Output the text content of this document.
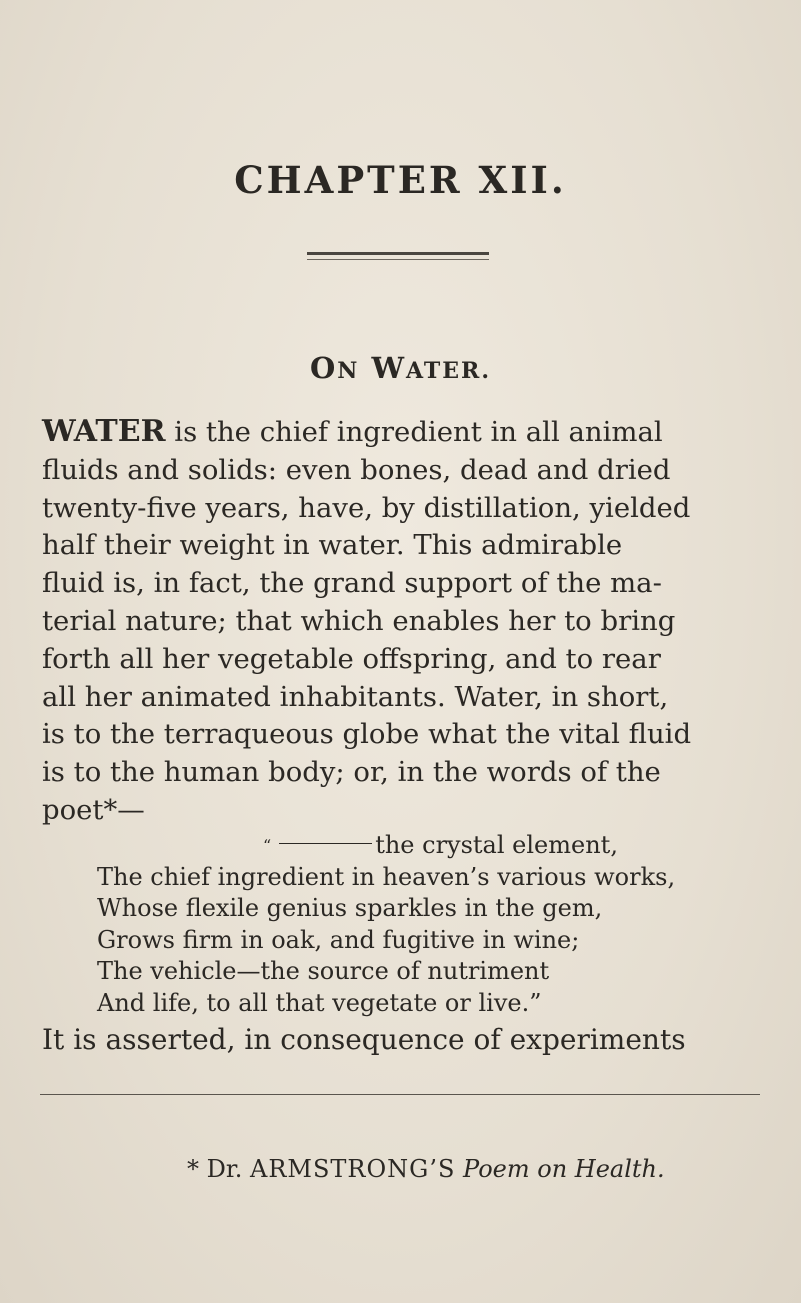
CHAPTER XII.
ON WATER.
WATER is the chief ingredient in all animal
fluids and solids: even bones, dead and dried
twenty-five years, have, by distillation, yielded
half their weight in water. This admirable
fluid is, in fact, the grand support of the ma-
terial nature; that which enables her to bring
forth all her vegetable offspring, and to rear
all her animated inhabitants. Water, in short,
is to the terraqueous globe what the vital fluid
is to the human body; or, in the words of the
poet*—
“	the crystal element,
The chief ingredient in heaven’s various works,
Whose flexile genius sparkles in the gem,
Grows firm in oak, and fugitive in wine;
The vehicle—the source of nutriment
And life, to all that vegetate or live.”
It is asserted, in consequence of experiments
* Dr. ARMSTRONG’S Poem on Health.
